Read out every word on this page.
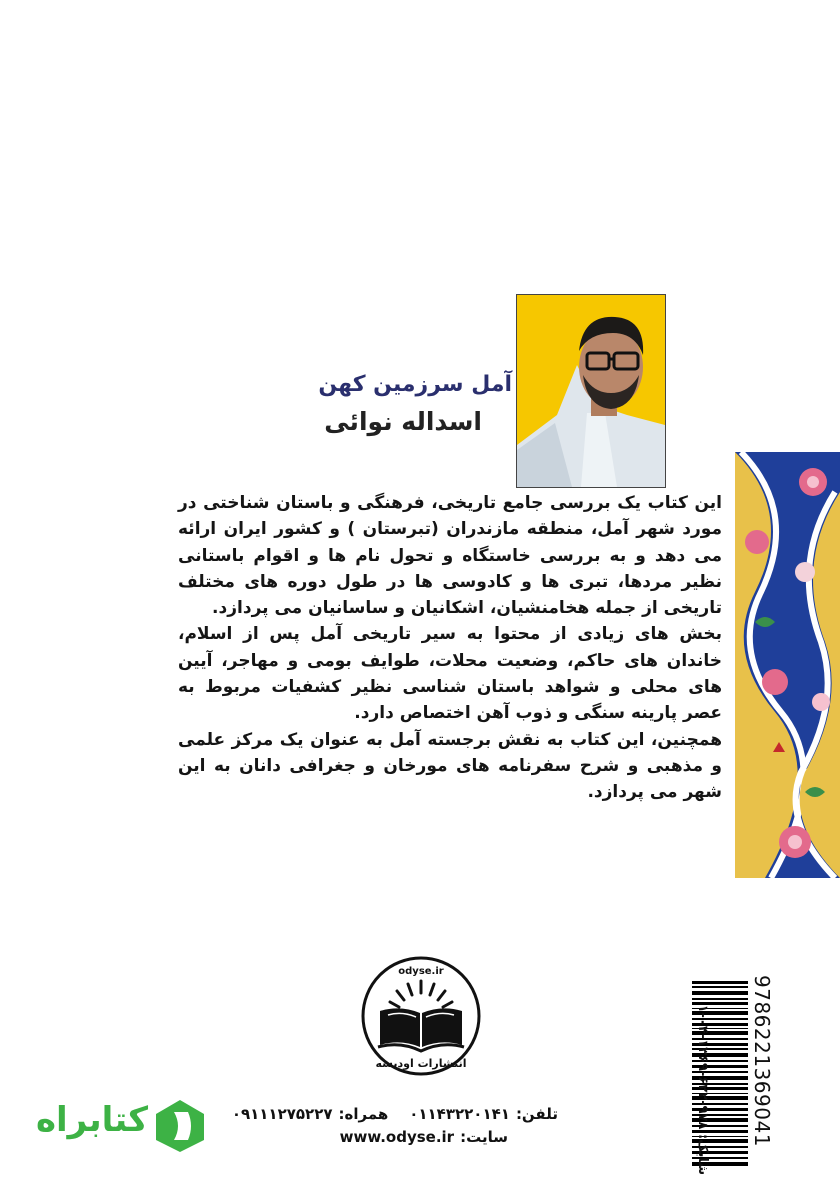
آمل سرزمین کهن
اسداله نوائی

این کتاب یک بررسی جامع تاریخی، فرهنگی و باستان شناختی در مورد شهر آمل، منطقه مازندران (تبرستان ) و کشور ایران ارائه می دهد و به بررسی خاستگاه و تحول نام ها و اقوام باستانی نظیر مردها، تبری ها و کادوسی ها در طول دوره های مختلف تاریخی از جمله هخامنشیان، اشکانیان و ساسانیان می پردازد.

بخش های زیادی از محتوا به سیر تاریخی آمل پس از اسلام، خاندان های حاکم، وضعیت محلات، طوایف بومی و مهاجر، آیین های محلی و شواهد باستان شناسی نظیر کشفیات مربوط به عصر پارینه سنگی و ذوب آهن اختصاص دارد.

همچنین، این کتاب به نقش برجسته آمل به عنوان یک مرکز علمی و مذهبی و شرح سفرنامه های مورخان و جغرافی دانان به این شهر می پردازد.

odyse.ir
انتشارات اودیسه
تلفن:۰۱۱۴۳۲۲۰۱۴۱    همراه:۰۹۱۱۱۲۷۵۲۲۷
سایت:www.odyse.ir
کتابراه
شابک: ۹۷۸-۶۲۲-۱۳۶۹-۰۴-۱ 9786221369041
